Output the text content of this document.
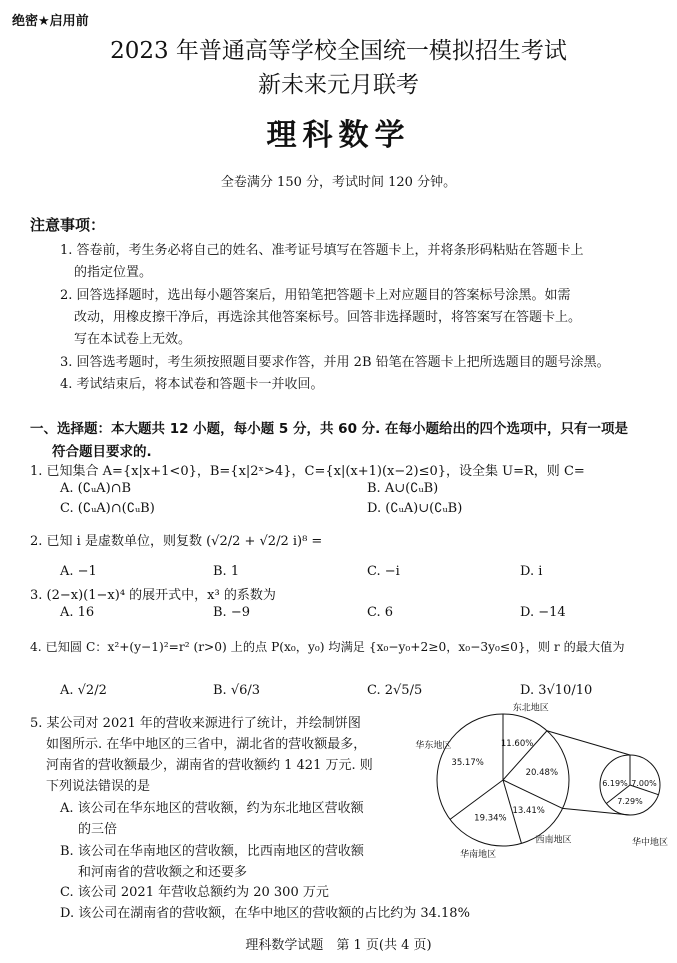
绝密★启用前
2023 年普通高等学校全国统一模拟招生考试
新未来元月联考
理科数学
全卷满分 150 分，考试时间 120 分钟。
注意事项：
1. 答卷前，考生务必将自己的姓名、准考证号填写在答题卡上，并将条形码粘贴在答题卡上
的指定位置。
2. 回答选择题时，选出每小题答案后，用铅笔把答题卡上对应题目的答案标号涂黑。如需
改动，用橡皮擦干净后，再选涂其他答案标号。回答非选择题时，将答案写在答题卡上。
写在本试卷上无效。
3. 回答选考题时，考生须按照题目要求作答，并用 2B 铅笔在答题卡上把所选题目的题号涂黑。
4. 考试结束后，将本试卷和答题卡一并收回。
一、选择题：本大题共 12 小题，每小题 5 分，共 60 分. 在每小题给出的四个选项中，只有一项是
符合题目要求的.
1. 已知集合 A={x|x+1<0}，B={x|2ˣ>4}，C={x|(x+1)(x−2)≤0}，设全集 U=R，则 C=
A. (∁ᵤA)∩B	B. A∪(∁ᵤB)
C. (∁ᵤA)∩(∁ᵤB)	D. (∁ᵤA)∪(∁ᵤB)
2. 已知 i 是虚数单位，则复数 (√2/2 + √2/2 i)⁸ =
A. −1	B. 1	C. −i	D. i
3. (2−x)(1−x)⁴ 的展开式中，x³ 的系数为
A. 16	B. −9	C. 6	D. −14
4. 已知圆 C：x²+(y−1)²=r² (r>0) 上的点 P(x₀，y₀) 均满足 {x₀−y₀+2≥0，x₀−3y₀≤0}，则 r 的最大值为
A. √2/2	B. √6/3	C. 2√5/5	D. 3√10/10
5. 某公司对 2021 年的营收来源进行了统计，并绘制饼图
如图所示. 在华中地区的三省中，湖北省的营收额最多，
河南省的营收额最少，湖南省的营收额约 1 421 万元. 则
下列说法错误的是
A. 该公司在华东地区的营收额，约为东北地区营收额
的三倍
B. 该公司在华南地区的营收额，比西南地区的营收额
和河南省的营收额之和还要多
C. 该公司 2021 年营收总额约为 20 300 万元
D. 该公司在湖南省的营收额，在华中地区的营收额的占比约为 34.18%
6.19% 7.00%
7.29%
35.17%
11.60%
20.48%
13.41%
19.34%
华东地区
东北地区
华中地区
西南地区
华南地区
理科数学试题　第 1 页(共 4 页)
